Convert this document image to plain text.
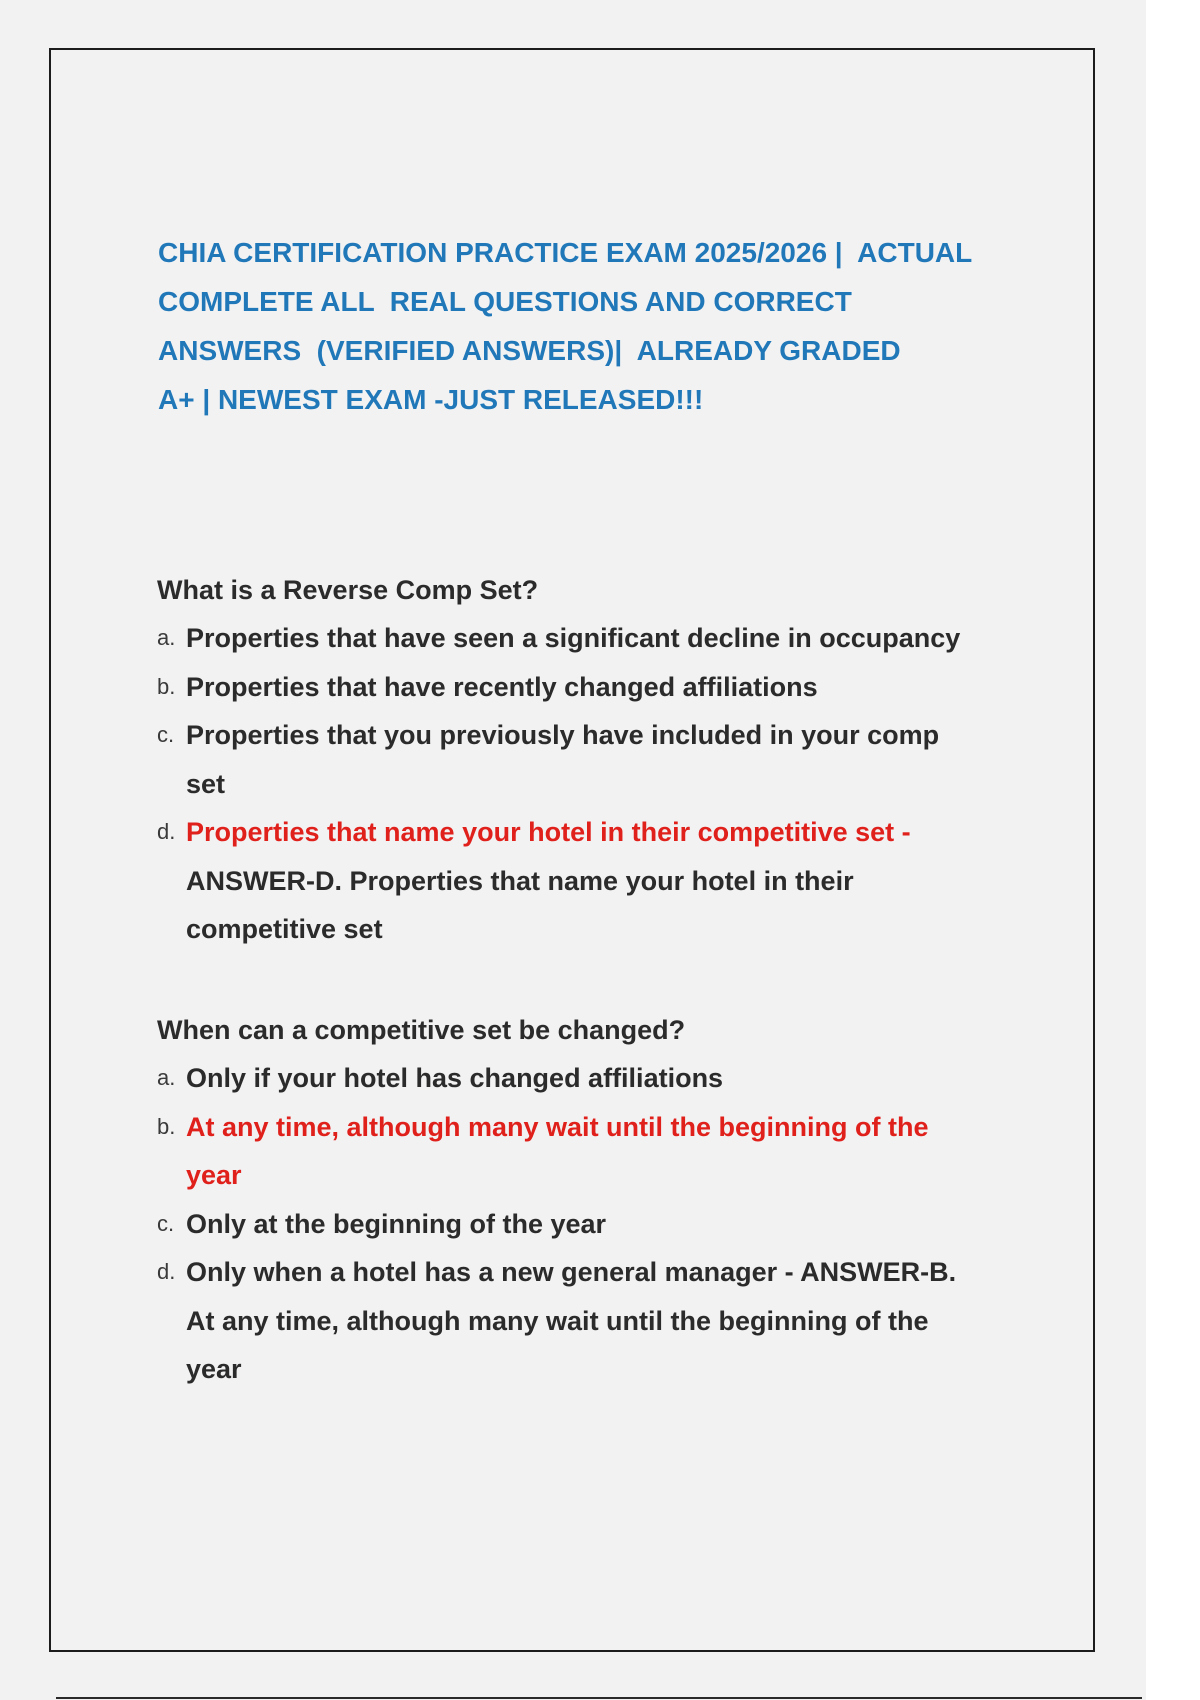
CHIA CERTIFICATION PRACTICE EXAM 2025/2026 |  ACTUAL
COMPLETE ALL  REAL QUESTIONS AND CORRECT
ANSWERS  (VERIFIED ANSWERS)|  ALREADY GRADED
A+ | NEWEST EXAM -JUST RELEASED!!!
What is a Reverse Comp Set?
a. Properties that have seen a significant decline in occupancy
b. Properties that have recently changed affiliations
c. Properties that you previously have included in your comp
set
d. Properties that name your hotel in their competitive set -
ANSWER-D. Properties that name your hotel in their
competitive set
When can a competitive set be changed?
a. Only if your hotel has changed affiliations
b. At any time, although many wait until the beginning of the
year
c. Only at the beginning of the year
d. Only when a hotel has a new general manager - ANSWER-B.
At any time, although many wait until the beginning of the
year
